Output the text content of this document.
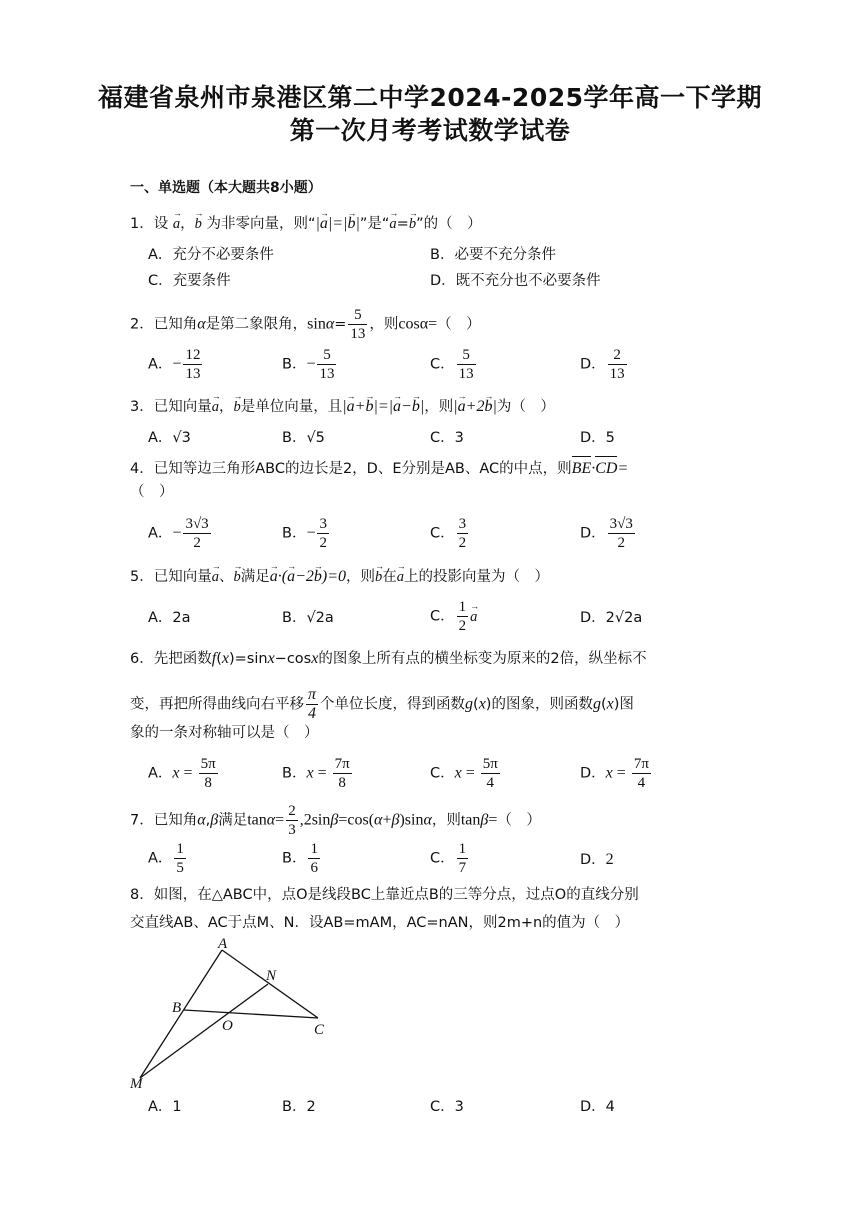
福建省泉州市泉港区第二中学2024-2025学年高一下学期
第一次月考考试数学试卷
一、单选题（本大题共8小题）
1．设 → a，→ b 为非零向量，则“|→ a|=|→ b|”是“→ a=→ b”的（　）
A．充分不必要条件	B．必要不充分条件
C．充要条件	D．既不充分也不必要条件
2．已知角α是第二象限角，$\sin\alpha= \frac{5}{13}$ ，则cosα=（　）
A．− $\frac{12}{13}$	B．− $\frac{5}{13}$	C． $\frac{5}{13}$	D． $\frac{2}{13}$
3．已知向量→ a，→ b是单位向量，且|→ a+→ b|=|→ a−→ b|，则|→ a+2→ b|为（　）
A．√3	B．√5	C．3	D．5
4．已知等边三角形ABC的边长是2，D、E分别是AB、AC的中点，则BE·CD=
（　）
A．− $\frac{3√3}{2}$	B．− $\frac{3}{2}$	C． $\frac{3}{2}$	D． $\frac{3√3}{2}$
5．已知向量→ a、→ b满足→ a·(→ a−2→ b)=0，则→ b在→ a上的投影向量为（　）
A．2a	B．√2a	C． $\frac{1}{2}$
→ a	D．2√2a
6．先把函数f(x)=sinx−cosx的图象上所有点的横坐标变为原来的2倍，纵坐标不
变，再把所得曲线向右平移 $\frac{\pi}{4}$ 个单位长度，得到函数g(x)的图象，则函数g(x)图
象的一条对称轴可以是（　）
A．$x = \frac{5\pi}{8}$	B．$x = \frac{7\pi}{8}$	C．$x = \frac{5\pi}{4}$	D．$x = \frac{7\pi}{4}$
7．已知角α,β满足$\tan\alpha= \frac{2}{3} ,2\sin\beta=\cos(\alpha+\beta)\sin\alpha$，则tanβ=（　）
A． $\frac{1}{5}$	B． $\frac{1}{6}$	C． $\frac{1}{7}$	D．2
8．如图，在△ABC中，点O是线段BC上靠近点B的三等分点，过点O的直线分别
交直线AB、AC于点M、N．设AB=mAM，AC=nAN，则2m+n的值为（　）
A
N
B
O	C
M
A．1	B．2	C．3	D．4
